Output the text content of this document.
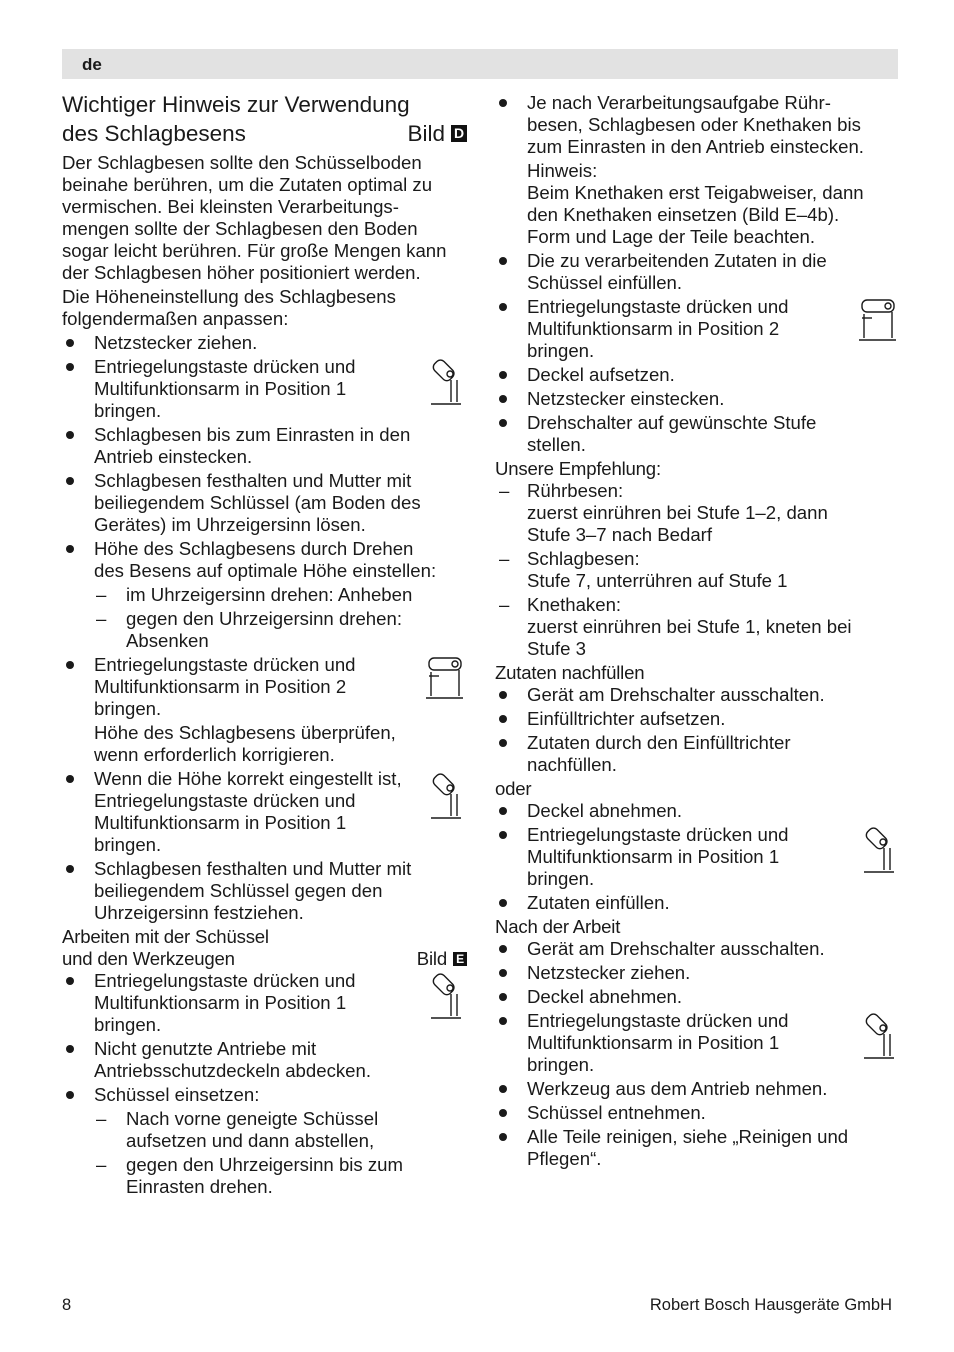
de
Wichtiger Hinweis zur Verwendung
des Schlagbesens	Bild D
Der Schlagbesen sollte den Schüsselboden
beinahe berühren, um die Zutaten optimal zu
vermischen. Bei kleinsten Verarbeitungs-
mengen sollte der Schlagbesen den Boden
sogar leicht berühren. Für große Mengen kann
der Schlagbesen höher positioniert werden.
Die Höheneinstellung des Schlagbesens
folgendermaßen anpassen:
Netzstecker ziehen.
Entriegelungstaste drücken und
Multifunktionsarm in Position 1
bringen.
Schlagbesen bis zum Einrasten in den
Antrieb einstecken.
Schlagbesen festhalten und Mutter mit
beiliegendem Schlüssel (am Boden des
Gerätes) im Uhrzeigersinn lösen.
Höhe des Schlagbesens durch Drehen
des Besens auf optimale Höhe einstellen:
– im Uhrzeigersinn drehen: Anheben
– gegen den Uhrzeigersinn drehen:
Absenken
Entriegelungstaste drücken und
Multifunktionsarm in Position 2
bringen.
Höhe des Schlagbesens überprüfen,
wenn erforderlich korrigieren.
Wenn die Höhe korrekt eingestellt ist,
Entriegelungstaste drücken und
Multifunktionsarm in Position 1
bringen.
Schlagbesen festhalten und Mutter mit
beiliegendem Schlüssel gegen den
Uhrzeigersinn festziehen.
Arbeiten mit der Schüssel
und den Werkzeugen	Bild E
Entriegelungstaste drücken und
Multifunktionsarm in Position 1
bringen.
Nicht genutzte Antriebe mit
Antriebsschutzdeckeln abdecken.
Schüssel einsetzen:
– Nach vorne geneigte Schüssel
aufsetzen und dann abstellen,
– gegen den Uhrzeigersinn bis zum
Einrasten drehen.
Je nach Verarbeitungsaufgabe Rühr-
besen, Schlagbesen oder Knethaken bis
zum Einrasten in den Antrieb einstecken.
Hinweis:
Beim Knethaken erst Teigabweiser, dann
den Knethaken einsetzen (Bild E–4b).
Form und Lage der Teile beachten.
Die zu verarbeitenden Zutaten in die
Schüssel einfüllen.
Entriegelungstaste drücken und
Multifunktionsarm in Position 2
bringen.
Deckel aufsetzen.
Netzstecker einstecken.
Drehschalter auf gewünschte Stufe
stellen.
Unsere Empfehlung:
– Rührbesen:
zuerst einrühren bei Stufe 1–2, dann
Stufe 3–7 nach Bedarf
– Schlagbesen:
Stufe 7, unterrühren auf Stufe 1
– Knethaken:
zuerst einrühren bei Stufe 1, kneten bei
Stufe 3
Zutaten nachfüllen
Gerät am Drehschalter ausschalten.
Einfülltrichter aufsetzen.
Zutaten durch den Einfülltrichter
nachfüllen.
oder
Deckel abnehmen.
Entriegelungstaste drücken und
Multifunktionsarm in Position 1
bringen.
Zutaten einfüllen.
Nach der Arbeit
Gerät am Drehschalter ausschalten.
Netzstecker ziehen.
Deckel abnehmen.
Entriegelungstaste drücken und
Multifunktionsarm in Position 1
bringen.
Werkzeug aus dem Antrieb nehmen.
Schüssel entnehmen.
Alle Teile reinigen, siehe „Reinigen und
Pflegen“.
8	Robert Bosch Hausgeräte GmbH
